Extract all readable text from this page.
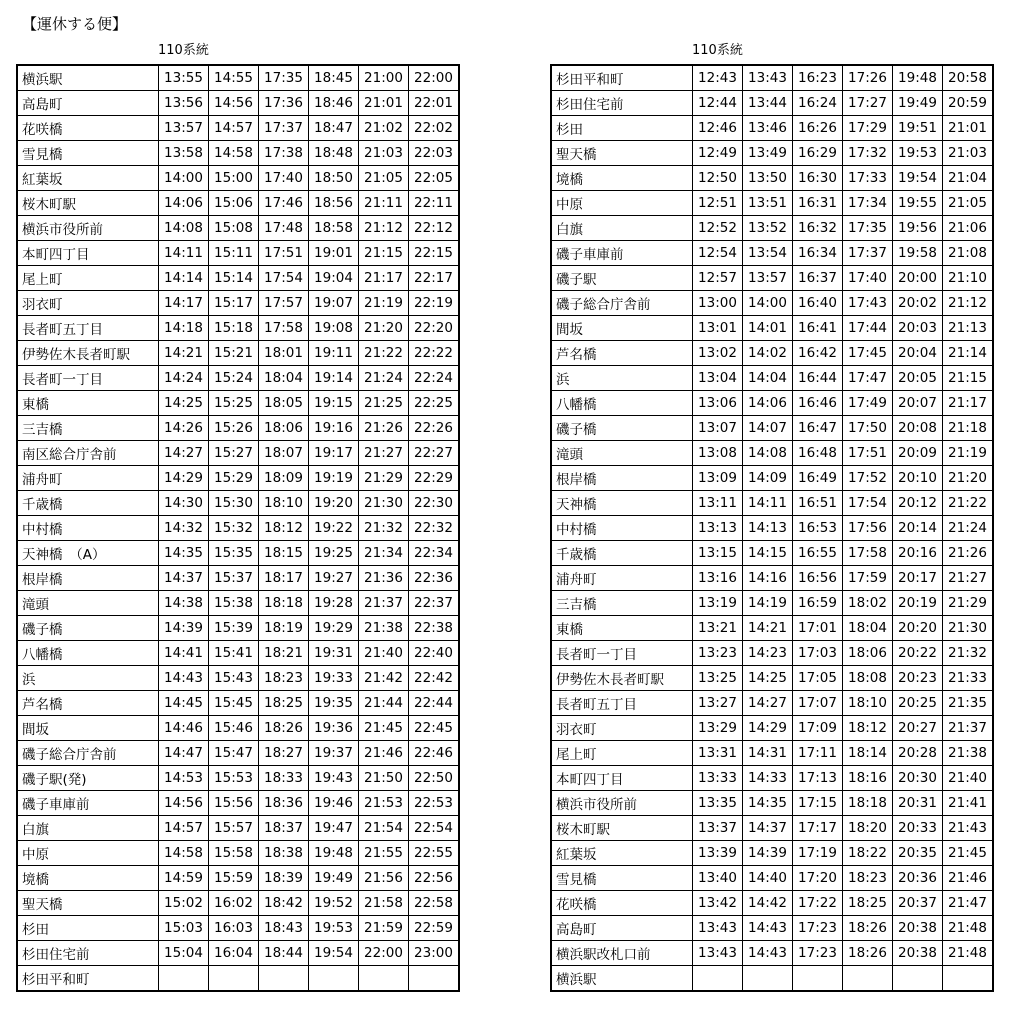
【運休する便】
110系統	110系統
横浜駅	13:55	14:55	17:35	18:45	21:00	22:00
高島町	13:56	14:56	17:36	18:46	21:01	22:01
花咲橋	13:57	14:57	17:37	18:47	21:02	22:02
雪見橋	13:58	14:58	17:38	18:48	21:03	22:03
紅葉坂	14:00	15:00	17:40	18:50	21:05	22:05
桜木町駅	14:06	15:06	17:46	18:56	21:11	22:11
横浜市役所前	14:08	15:08	17:48	18:58	21:12	22:12
本町四丁目	14:11	15:11	17:51	19:01	21:15	22:15
尾上町	14:14	15:14	17:54	19:04	21:17	22:17
羽衣町	14:17	15:17	17:57	19:07	21:19	22:19
長者町五丁目	14:18	15:18	17:58	19:08	21:20	22:20
伊勢佐木長者町駅	14:21	15:21	18:01	19:11	21:22	22:22
長者町一丁目	14:24	15:24	18:04	19:14	21:24	22:24
東橋	14:25	15:25	18:05	19:15	21:25	22:25
三吉橋	14:26	15:26	18:06	19:16	21:26	22:26
南区総合庁舎前	14:27	15:27	18:07	19:17	21:27	22:27
浦舟町	14:29	15:29	18:09	19:19	21:29	22:29
千歳橋	14:30	15:30	18:10	19:20	21:30	22:30
中村橋	14:32	15:32	18:12	19:22	21:32	22:32
天神橋　（A）	14:35	15:35	18:15	19:25	21:34	22:34
根岸橋	14:37	15:37	18:17	19:27	21:36	22:36
滝頭	14:38	15:38	18:18	19:28	21:37	22:37
磯子橋	14:39	15:39	18:19	19:29	21:38	22:38
八幡橋	14:41	15:41	18:21	19:31	21:40	22:40
浜	14:43	15:43	18:23	19:33	21:42	22:42
芦名橋	14:45	15:45	18:25	19:35	21:44	22:44
間坂	14:46	15:46	18:26	19:36	21:45	22:45
磯子総合庁舎前	14:47	15:47	18:27	19:37	21:46	22:46
磯子駅(発)	14:53	15:53	18:33	19:43	21:50	22:50
磯子車庫前	14:56	15:56	18:36	19:46	21:53	22:53
白旗	14:57	15:57	18:37	19:47	21:54	22:54
中原	14:58	15:58	18:38	19:48	21:55	22:55
境橋	14:59	15:59	18:39	19:49	21:56	22:56
聖天橋	15:02	16:02	18:42	19:52	21:58	22:58
杉田	15:03	16:03	18:43	19:53	21:59	22:59
杉田住宅前	15:04	16:04	18:44	19:54	22:00	23:00
杉田平和町						
杉田平和町	12:43	13:43	16:23	17:26	19:48	20:58
杉田住宅前	12:44	13:44	16:24	17:27	19:49	20:59
杉田	12:46	13:46	16:26	17:29	19:51	21:01
聖天橋	12:49	13:49	16:29	17:32	19:53	21:03
境橋	12:50	13:50	16:30	17:33	19:54	21:04
中原	12:51	13:51	16:31	17:34	19:55	21:05
白旗	12:52	13:52	16:32	17:35	19:56	21:06
磯子車庫前	12:54	13:54	16:34	17:37	19:58	21:08
磯子駅	12:57	13:57	16:37	17:40	20:00	21:10
磯子総合庁舎前	13:00	14:00	16:40	17:43	20:02	21:12
間坂	13:01	14:01	16:41	17:44	20:03	21:13
芦名橋	13:02	14:02	16:42	17:45	20:04	21:14
浜	13:04	14:04	16:44	17:47	20:05	21:15
八幡橋	13:06	14:06	16:46	17:49	20:07	21:17
磯子橋	13:07	14:07	16:47	17:50	20:08	21:18
滝頭	13:08	14:08	16:48	17:51	20:09	21:19
根岸橋	13:09	14:09	16:49	17:52	20:10	21:20
天神橋	13:11	14:11	16:51	17:54	20:12	21:22
中村橋	13:13	14:13	16:53	17:56	20:14	21:24
千歳橋	13:15	14:15	16:55	17:58	20:16	21:26
浦舟町	13:16	14:16	16:56	17:59	20:17	21:27
三吉橋	13:19	14:19	16:59	18:02	20:19	21:29
東橋	13:21	14:21	17:01	18:04	20:20	21:30
長者町一丁目	13:23	14:23	17:03	18:06	20:22	21:32
伊勢佐木長者町駅	13:25	14:25	17:05	18:08	20:23	21:33
長者町五丁目	13:27	14:27	17:07	18:10	20:25	21:35
羽衣町	13:29	14:29	17:09	18:12	20:27	21:37
尾上町	13:31	14:31	17:11	18:14	20:28	21:38
本町四丁目	13:33	14:33	17:13	18:16	20:30	21:40
横浜市役所前	13:35	14:35	17:15	18:18	20:31	21:41
桜木町駅	13:37	14:37	17:17	18:20	20:33	21:43
紅葉坂	13:39	14:39	17:19	18:22	20:35	21:45
雪見橋	13:40	14:40	17:20	18:23	20:36	21:46
花咲橋	13:42	14:42	17:22	18:25	20:37	21:47
高島町	13:43	14:43	17:23	18:26	20:38	21:48
横浜駅改札口前	13:43	14:43	17:23	18:26	20:38	21:48
横浜駅						
